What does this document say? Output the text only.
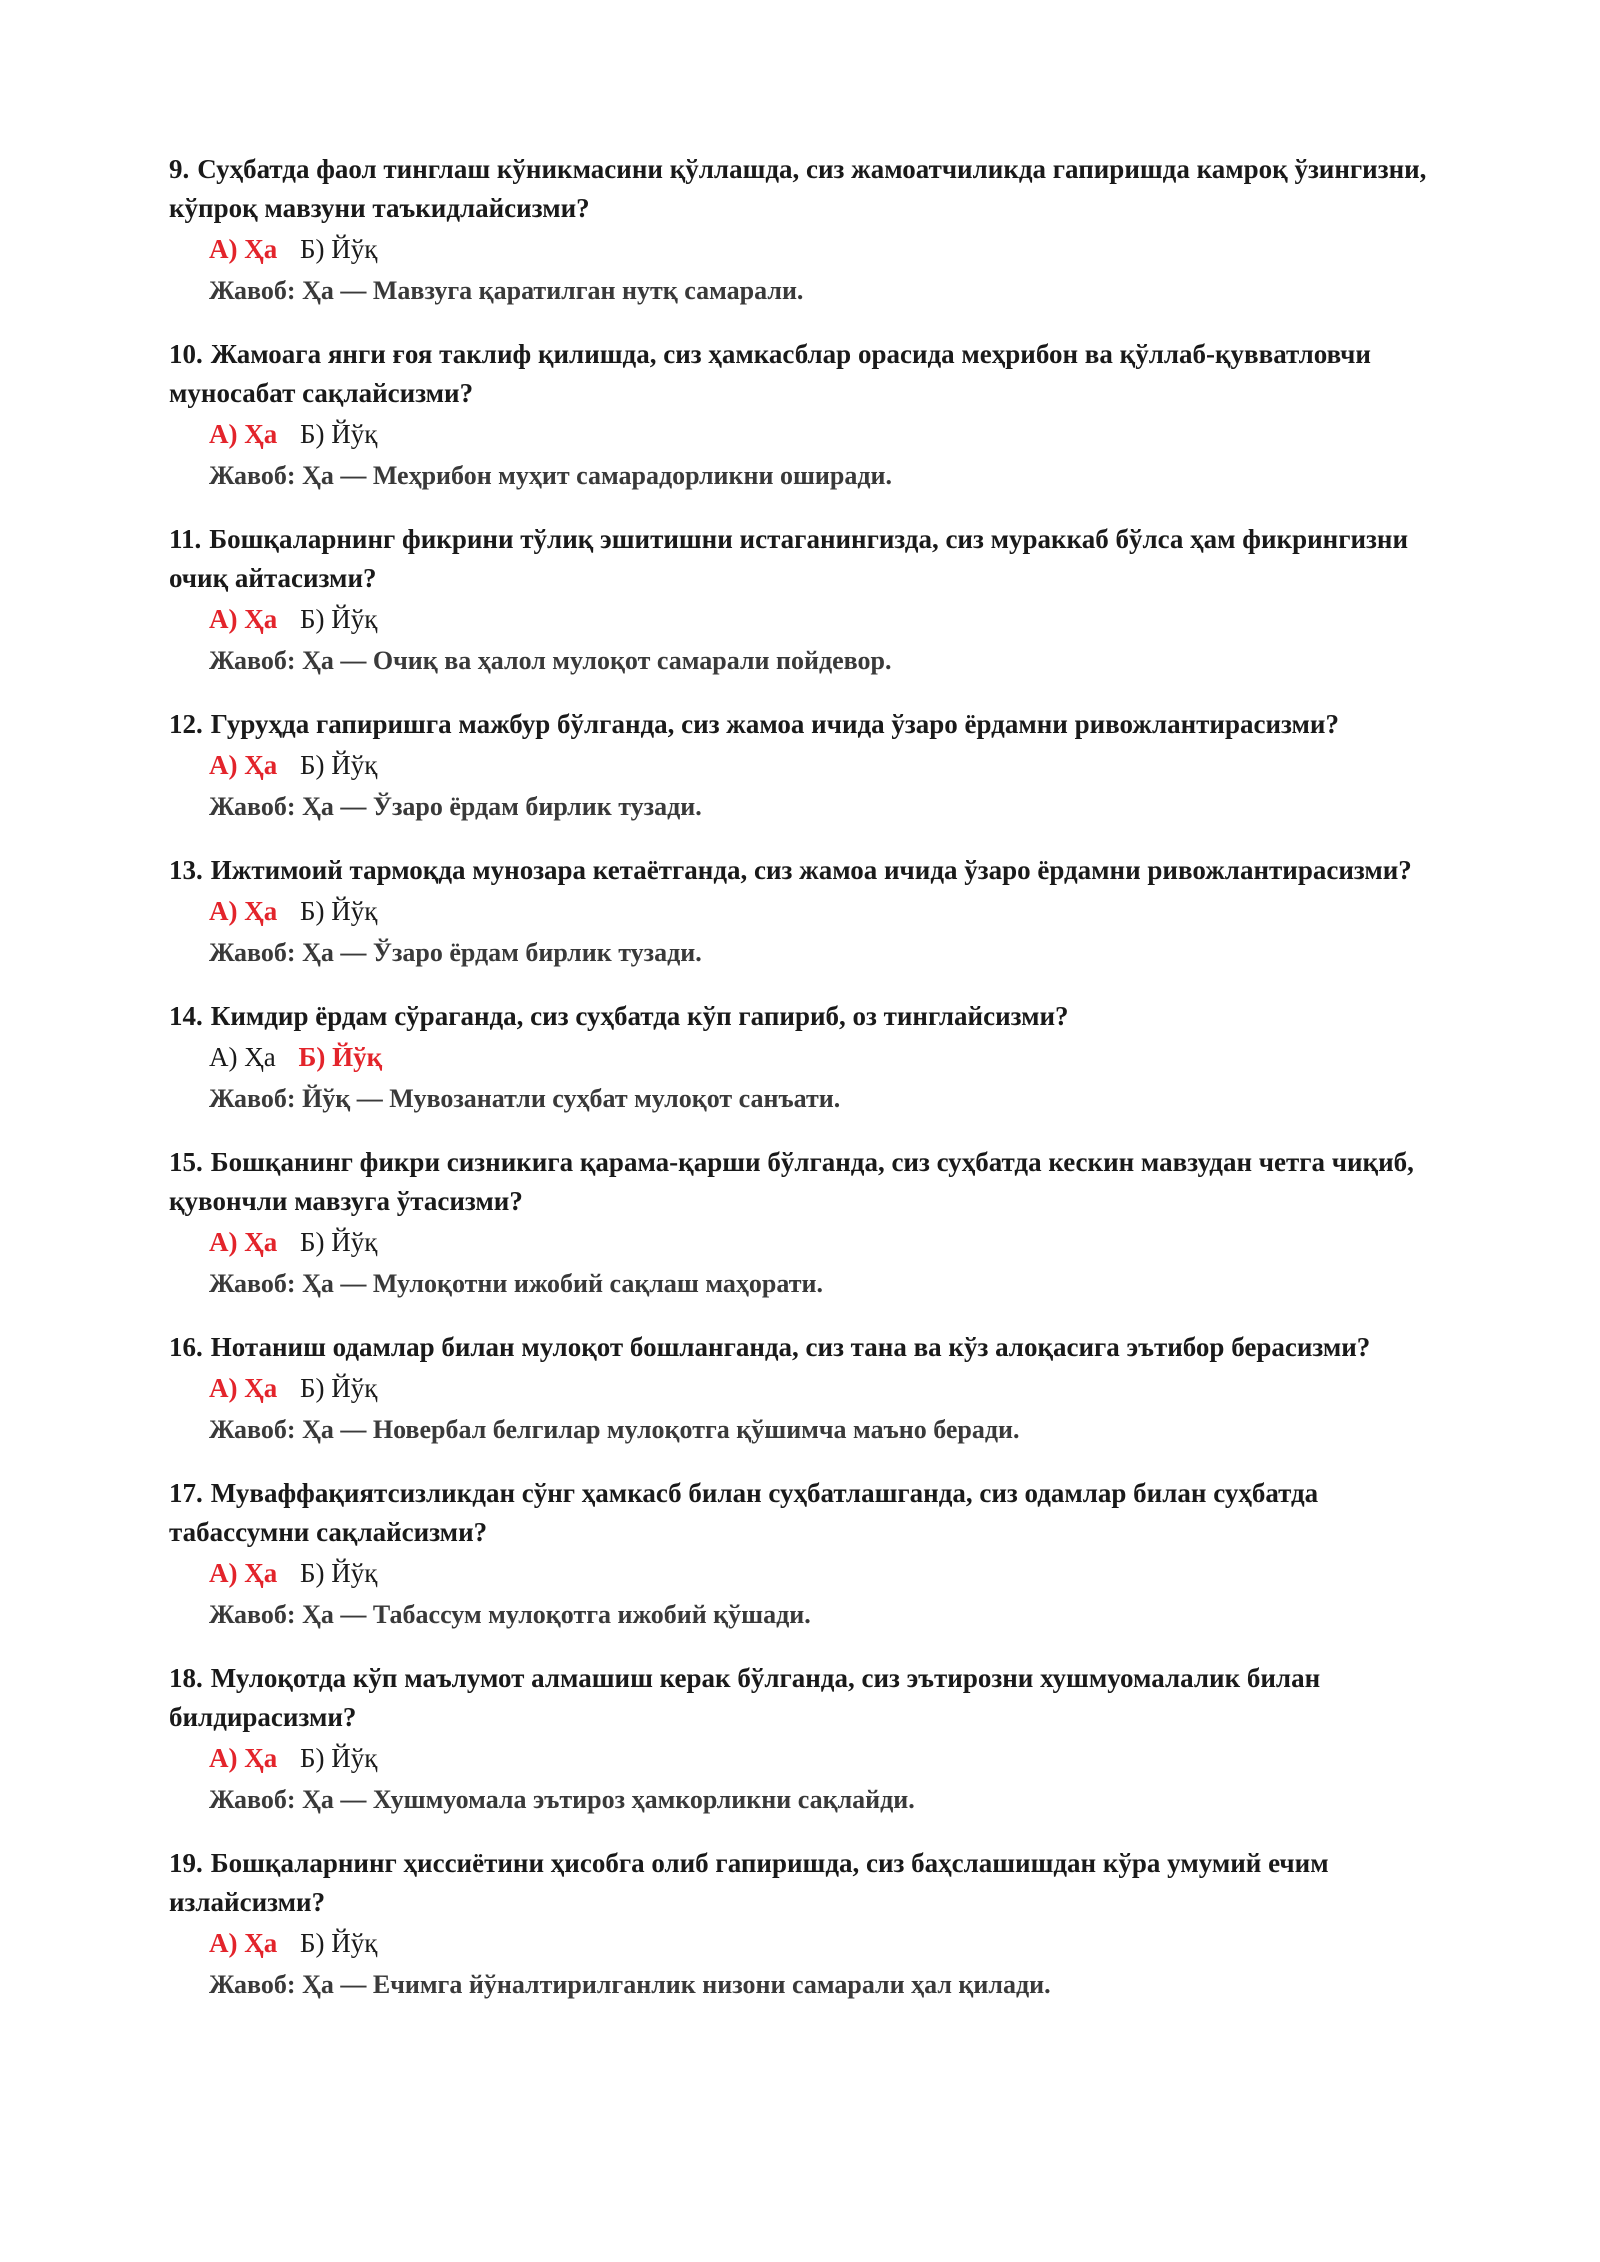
9. Суҳбатда фаол тинглаш кўникмасини қўллашда, сиз жамоатчиликда гапиришда камроқ ўзингизни, кўпроқ мавзуни таъкидлайсизми?

А) Ҳа Б) Йўқ
Жавоб: Ҳа — Мавзуга қаратилган нутқ самарали.

10. Жамоага янги ғоя таклиф қилишда, сиз ҳамкасблар орасида меҳрибон ва қўллаб-қувватловчи муносабат сақлайсизми?

А) Ҳа Б) Йўқ
Жавоб: Ҳа — Меҳрибон муҳит самарадорликни оширади.

11. Бошқаларнинг фикрини тўлиқ эшитишни истаганингизда, сиз мураккаб бўлса ҳам фикрингизни очиқ айтасизми?

А) Ҳа Б) Йўқ
Жавоб: Ҳа — Очиқ ва ҳалол мулоқот самарали пойдевор.

12. Гуруҳда гапиришга мажбур бўлганда, сиз жамоа ичида ўзаро ёрдамни ривожлантирасизми?

А) Ҳа Б) Йўқ
Жавоб: Ҳа — Ўзаро ёрдам бирлик тузади.

13. Ижтимоий тармоқда мунозара кетаётганда, сиз жамоа ичида ўзаро ёрдамни ривожлантирасизми?

А) Ҳа Б) Йўқ
Жавоб: Ҳа — Ўзаро ёрдам бирлик тузади.

14. Кимдир ёрдам сўраганда, сиз суҳбатда кўп гапириб, оз тинглайсизми?

А) Ҳа Б) Йўқ
Жавоб: Йўқ — Мувозанатли суҳбат мулоқот санъати.

15. Бошқанинг фикри сизникига қарама-қарши бўлганда, сиз суҳбатда кескин мавзудан четга чиқиб, қувончли мавзуга ўтасизми?

А) Ҳа Б) Йўқ
Жавоб: Ҳа — Мулоқотни ижобий сақлаш маҳорати.

16. Нотаниш одамлар билан мулоқот бошланганда, сиз тана ва кўз алоқасига эътибор берасизми?

А) Ҳа Б) Йўқ
Жавоб: Ҳа — Новербал белгилар мулоқотга қўшимча маъно беради.

17. Муваффақиятсизликдан сўнг ҳамкасб билан суҳбатлашганда, сиз одамлар билан суҳбатда табассумни сақлайсизми?

А) Ҳа Б) Йўқ
Жавоб: Ҳа — Табассум мулоқотга ижобий қўшади.

18. Мулоқотда кўп маълумот алмашиш керак бўлганда, сиз эътирозни хушмуомалалик билан билдирасизми?

А) Ҳа Б) Йўқ
Жавоб: Ҳа — Хушмуомала эътироз ҳамкорликни сақлайди.

19. Бошқаларнинг ҳиссиётини ҳисобга олиб гапиришда, сиз баҳслашишдан кўра умумий ечим излайсизми?

А) Ҳа Б) Йўқ
Жавоб: Ҳа — Ечимга йўналтирилганлик низони самарали ҳал қилади.
